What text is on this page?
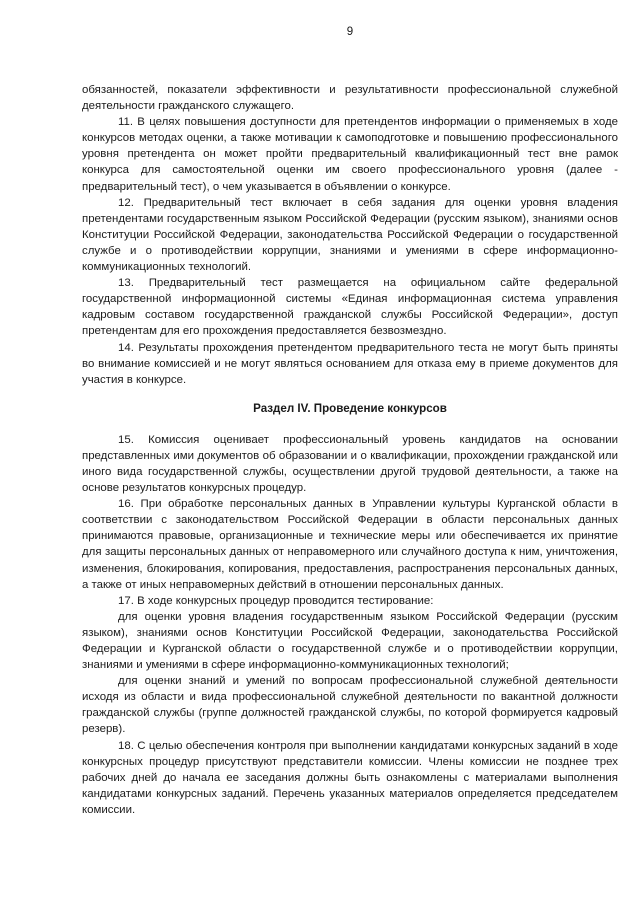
9

обязанностей, показатели эффективности и результативности профессиональной служебной деятельности гражданского служащего.

11. В целях повышения доступности для претендентов информации о применяемых в ходе конкурсов методах оценки, а также мотивации к самоподготовке и повышению профессионального уровня претендента он может пройти предварительный квалификационный тест вне рамок конкурса для самостоятельной оценки им своего профессионального уровня (далее - предварительный тест), о чем указывается в объявлении о конкурсе.

12. Предварительный тест включает в себя задания для оценки уровня владения претендентами государственным языком Российской Федерации (русским языком), знаниями основ Конституции Российской Федерации, законодательства Российской Федерации о государственной службе и о противодействии коррупции, знаниями и умениями в сфере информационно-коммуникационных технологий.

13. Предварительный тест размещается на официальном сайте федеральной государственной информационной системы «Единая информационная система управления кадровым составом государственной гражданской службы Российской Федерации», доступ претендентам для его прохождения предоставляется безвозмездно.

14. Результаты прохождения претендентом предварительного теста не могут быть приняты во внимание комиссией и не могут являться основанием для отказа ему в приеме документов для участия в конкурсе.

Раздел IV. Проведение конкурсов

15. Комиссия оценивает профессиональный уровень кандидатов на основании представленных ими документов об образовании и о квалификации, прохождении гражданской или иного вида государственной службы, осуществлении другой трудовой деятельности, а также на основе результатов конкурсных процедур.

16. При обработке персональных данных в Управлении культуры Курганской области в соответствии с законодательством Российской Федерации в области персональных данных принимаются правовые, организационные и технические меры или обеспечивается их принятие для защиты персональных данных от неправомерного или случайного доступа к ним, уничтожения, изменения, блокирования, копирования, предоставления, распространения персональных данных, а также от иных неправомерных действий в отношении персональных данных.

17. В ходе конкурсных процедур проводится тестирование:

для оценки уровня владения государственным языком Российской Федерации (русским языком), знаниями основ Конституции Российской Федерации, законодательства Российской Федерации и Курганской области о государственной службе и о противодействии коррупции, знаниями и умениями в сфере информационно-коммуникационных технологий;

для оценки знаний и умений по вопросам профессиональной служебной деятельности исходя из области и вида профессиональной служебной деятельности по вакантной должности гражданской службы (группе должностей гражданской службы, по которой формируется кадровый резерв).

18. С целью обеспечения контроля при выполнении кандидатами конкурсных заданий в ходе конкурсных процедур присутствуют представители комиссии. Члены комиссии не позднее трех рабочих дней до начала ее заседания должны быть ознакомлены с материалами выполнения кандидатами конкурсных заданий. Перечень указанных материалов определяется председателем комиссии.
